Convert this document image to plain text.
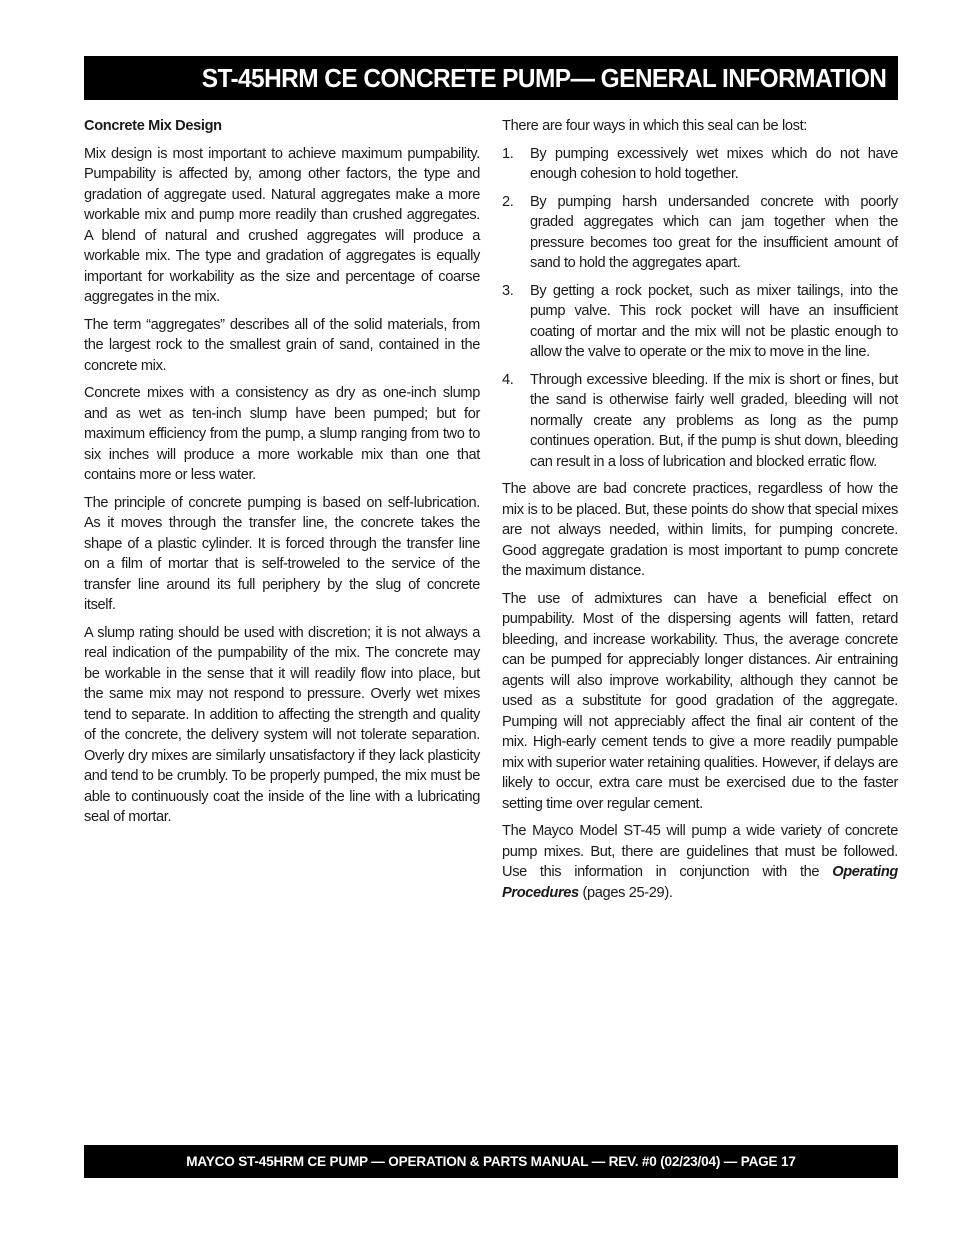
ST-45HRM CE CONCRETE PUMP— GENERAL INFORMATION
Concrete Mix Design

Mix design is most important to achieve maximum pumpability. Pumpability is affected by, among other factors, the type and gradation of aggregate used. Natural aggregates make a more workable mix and pump more readily than crushed aggregates. A blend of natural and crushed aggregates will produce a workable mix. The type and gradation of aggregates is equally important for workability as the size and percentage of coarse aggregates in the mix.

The term “aggregates” describes all of the solid materials, from the largest rock to the smallest grain of sand, contained in the concrete mix.

Concrete mixes with a consistency as dry as one-inch slump and as wet as ten-inch slump have been pumped; but for maximum efficiency from the pump, a slump ranging from two to six inches will produce a more workable mix than one that contains more or less water.

The principle of concrete pumping is based on self-lubrication. As it moves through the transfer line, the concrete takes the shape of a plastic cylinder. It is forced through the transfer line on a film of mortar that is self-troweled to the service of the transfer line around its full periphery by the slug of concrete itself.

A slump rating should be used with discretion; it is not always a real indication of the pumpability of the mix. The concrete may be workable in the sense that it will readily flow into place, but the same mix may not respond to pressure. Overly wet mixes tend to separate. In addition to affecting the strength and quality of the concrete, the delivery system will not tolerate separation. Overly dry mixes are similarly unsatisfactory if they lack plasticity and tend to be crumbly. To be properly pumped, the mix must be able to continuously coat the inside of the line with a lubricating seal of mortar.

There are four ways in which this seal can be lost:

1.	By pumping excessively wet mixes which do not have enough cohesion to hold together.
2.	By pumping harsh undersanded concrete with poorly graded aggregates which can jam together when the pressure becomes too great for the insufficient amount of sand to hold the aggregates apart.
3.	By getting a rock pocket, such as mixer tailings, into the pump valve. This rock pocket will have an insufficient coating of mortar and the mix will not be plastic enough to allow the valve to operate or the mix to move in the line.
4.	Through excessive bleeding. If the mix is short or fines, but the sand is otherwise fairly well graded, bleeding will not normally create any problems as long as the pump continues operation. But, if the pump is shut down, bleeding can result in a loss of lubrication and blocked erratic flow.

The above are bad concrete practices, regardless of how the mix is to be placed. But, these points do show that special mixes are not always needed, within limits, for pumping concrete. Good aggregate gradation is most important to pump concrete the maximum distance.

The use of admixtures can have a beneficial effect on pumpability. Most of the dispersing agents will fatten, retard bleeding, and increase workability. Thus, the average concrete can be pumped for appreciably longer distances. Air entraining agents will also improve workability, although they cannot be used as a substitute for good gradation of the aggregate. Pumping will not appreciably affect the final air content of the mix. High-early cement tends to give a more readily pumpable mix with superior water retaining qualities. However, if delays are likely to occur, extra care must be exercised due to the faster setting time over regular cement.

The Mayco Model ST-45 will pump a wide variety of concrete pump mixes. But, there are guidelines that must be followed. Use this information in conjunction with the Operating Procedures (pages 25-29).

MAYCO ST-45HRM CE PUMP — OPERATION & PARTS MANUAL — REV. #0 (02/23/04) — PAGE 17
